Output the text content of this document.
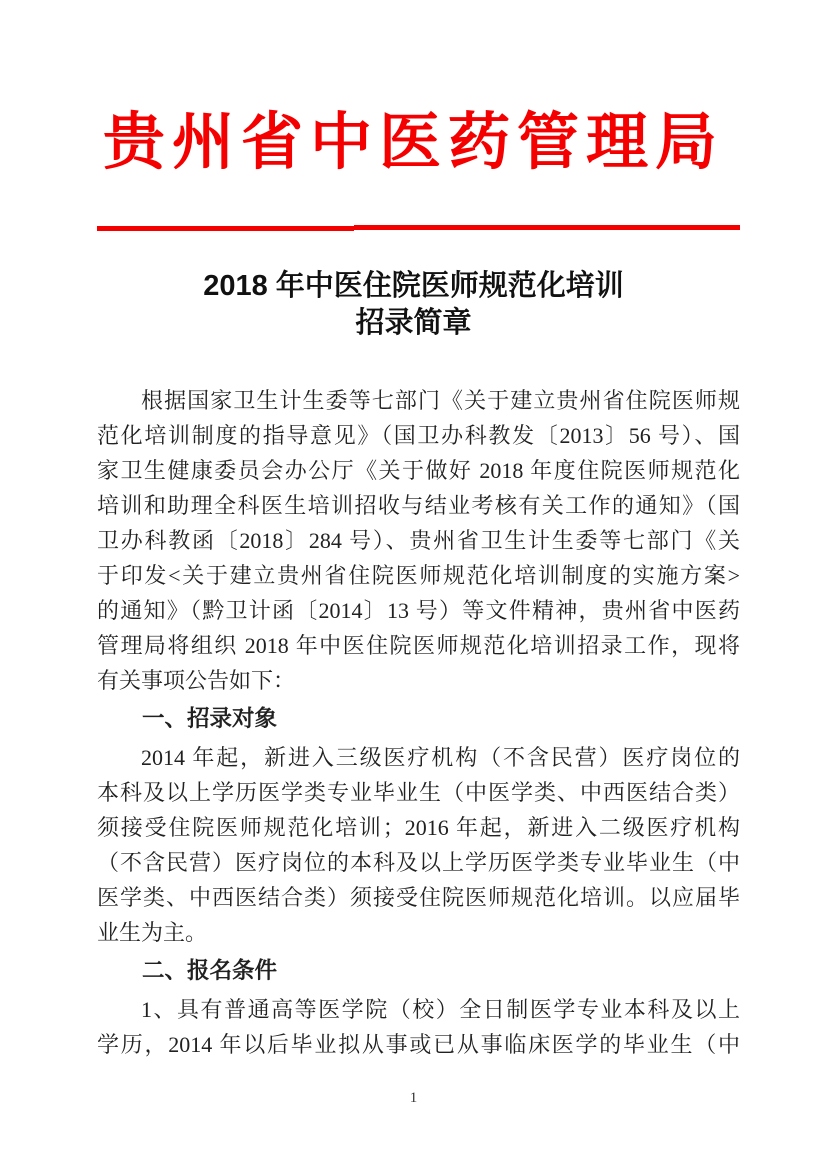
贵州省中医药管理局
2018 年中医住院医师规范化培训
招录简章
根据国家卫生计生委等七部门《关于建立贵州省住院医师规
范化培训制度的指导意见》（国卫办科教发〔2013〕56 号）、国
家卫生健康委员会办公厅《关于做好 2018 年度住院医师规范化
培训和助理全科医生培训招收与结业考核有关工作的通知》（国
卫办科教函〔2018〕284 号）、贵州省卫生计生委等七部门《关
于印发<关于建立贵州省住院医师规范化培训制度的实施方案>
的通知》（黔卫计函〔2014〕13 号）等文件精神，贵州省中医药
管理局将组织 2018 年中医住院医师规范化培训招录工作，现将
有关事项公告如下：
一、招录对象
2014 年起，新进入三级医疗机构（不含民营）医疗岗位的
本科及以上学历医学类专业毕业生（中医学类、中西医结合类）
须接受住院医师规范化培训；2016 年起，新进入二级医疗机构
（不含民营）医疗岗位的本科及以上学历医学类专业毕业生（中
医学类、中西医结合类）须接受住院医师规范化培训。以应届毕
业生为主。
二、报名条件
1、具有普通高等医学院（校）全日制医学专业本科及以上
学历，2014 年以后毕业拟从事或已从事临床医学的毕业生（中
1
